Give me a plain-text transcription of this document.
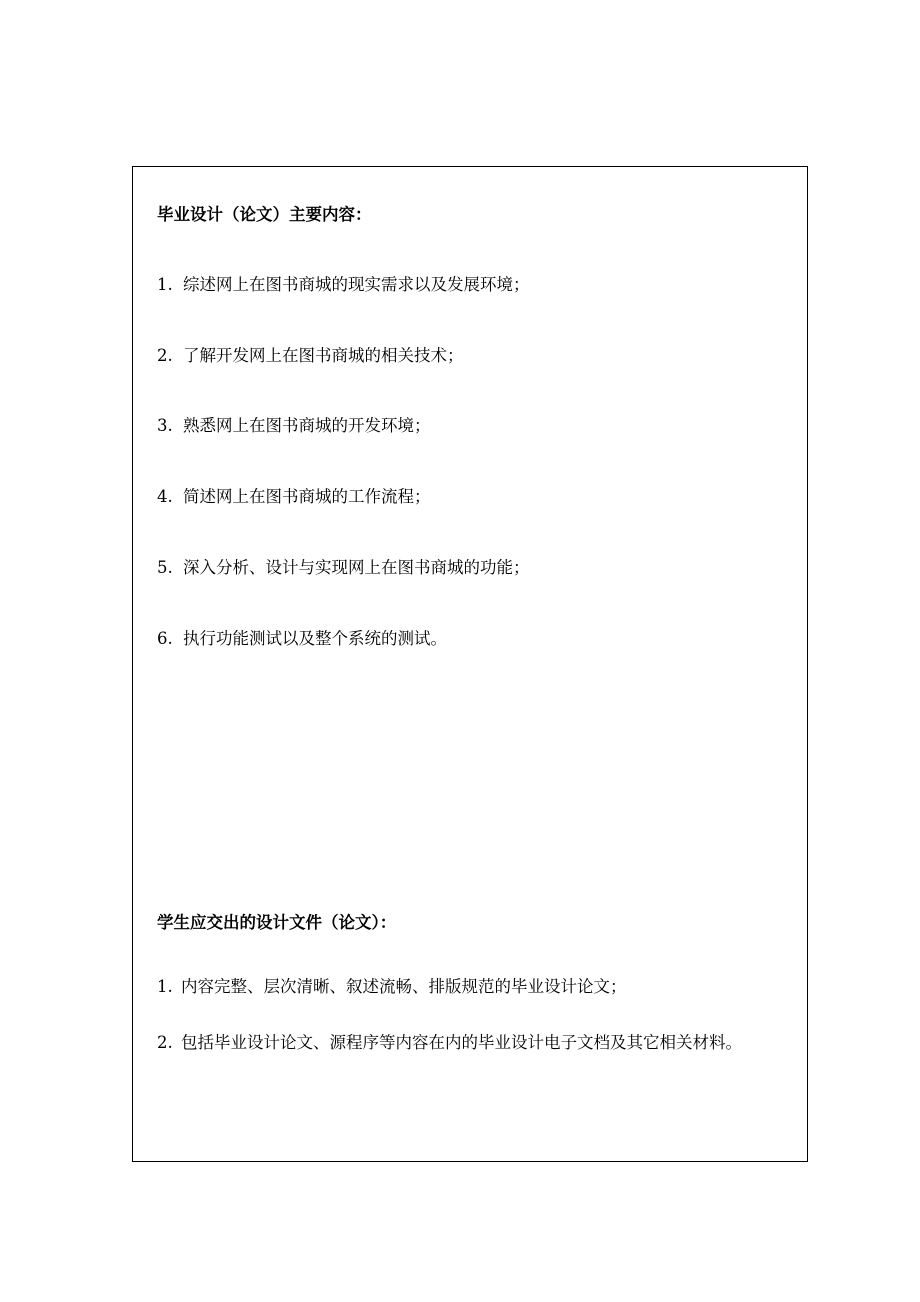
毕业设计（论文）主要内容：
1. 综述网上在图书商城的现实需求以及发展环境；
2. 了解开发网上在图书商城的相关技术；
3. 熟悉网上在图书商城的开发环境；
4. 简述网上在图书商城的工作流程；
5. 深入分析、设计与实现网上在图书商城的功能；
6. 执行功能测试以及整个系统的测试。
学生应交出的设计文件（论文）：
1. 内容完整、层次清晰、叙述流畅、排版规范的毕业设计论文；
2. 包括毕业设计论文、源程序等内容在内的毕业设计电子文档及其它相关材料。
